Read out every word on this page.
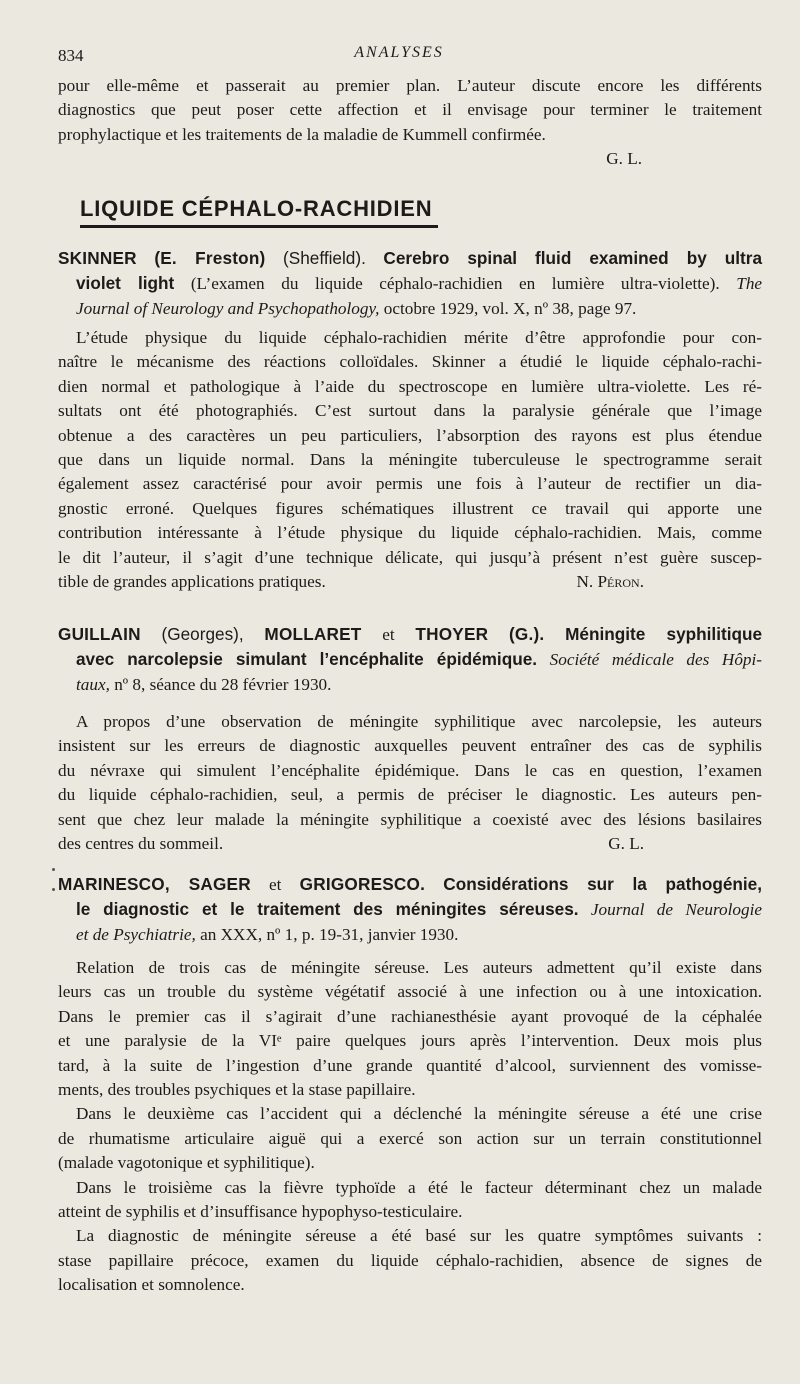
834	ANALYSES
pour elle-même et passerait au premier plan. L’auteur discute encore les différents
diagnostics que peut poser cette affection et il envisage pour terminer le traitement
prophylactique et les traitements de la maladie de Kummell confirmée.
G. L.
LIQUIDE CÉPHALO-RACHIDIEN
SKINNER (E. Freston) (Sheffield). Cerebro spinal fluid examined by ultra
violet light (L’examen du liquide céphalo-rachidien en lumière ultra-violette). The
Journal of Neurology and Psychopathology, octobre 1929, vol. X, nº 38, page 97.
L’étude physique du liquide céphalo-rachidien mérite d’être approfondie pour con-
naître le mécanisme des réactions colloïdales. Skinner a étudié le liquide céphalo-rachi-
dien normal et pathologique à l’aide du spectroscope en lumière ultra-violette. Les ré-
sultats ont été photographiés. C’est surtout dans la paralysie générale que l’image
obtenue a des caractères un peu particuliers, l’absorption des rayons est plus étendue
que dans un liquide normal. Dans la méningite tuberculeuse le spectrogramme serait
également assez caractérisé pour avoir permis une fois à l’auteur de rectifier un dia-
gnostic erroné. Quelques figures schématiques illustrent ce travail qui apporte une
contribution intéressante à l’étude physique du liquide céphalo-rachidien. Mais, comme
le dit l’auteur, il s’agit d’une technique délicate, qui jusqu’à présent n’est guère suscep-
tible de grandes applications pratiques.	N. Péron.
GUILLAIN (Georges), MOLLARET et THOYER (G.). Méningite syphilitique
avec narcolepsie simulant l’encéphalite épidémique. Société médicale des Hôpi-
taux, nº 8, séance du 28 février 1930.
A propos d’une observation de méningite syphilitique avec narcolepsie, les auteurs
insistent sur les erreurs de diagnostic auxquelles peuvent entraîner des cas de syphilis
du névraxe qui simulent l’encéphalite épidémique. Dans le cas en question, l’examen
du liquide céphalo-rachidien, seul, a permis de préciser le diagnostic. Les auteurs pen-
sent que chez leur malade la méningite syphilitique a coexisté avec des lésions basilaires
des centres du sommeil.	G. L.
MARINESCO, SAGER et GRIGORESCO. Considérations sur la pathogénie,
le diagnostic et le traitement des méningites séreuses. Journal de Neurologie
et de Psychiatrie, an XXX, nº 1, p. 19-31, janvier 1930.
Relation de trois cas de méningite séreuse. Les auteurs admettent qu’il existe dans
leurs cas un trouble du système végétatif associé à une infection ou à une intoxication.
Dans le premier cas il s’agirait d’une rachianesthésie ayant provoqué de la céphalée
et une paralysie de la VIᵉ paire quelques jours après l’intervention. Deux mois plus
tard, à la suite de l’ingestion d’une grande quantité d’alcool, surviennent des vomisse-
ments, des troubles psychiques et la stase papillaire.
Dans le deuxième cas l’accident qui a déclenché la méningite séreuse a été une crise
de rhumatisme articulaire aiguë qui a exercé son action sur un terrain constitutionnel
(malade vagotonique et syphilitique).
Dans le troisième cas la fièvre typhoïde a été le facteur déterminant chez un malade
atteint de syphilis et d’insuffisance hypophyso-testiculaire.
La diagnostic de méningite séreuse a été basé sur les quatre symptômes suivants :
stase papillaire précoce, examen du liquide céphalo-rachidien, absence de signes de
localisation et somnolence.
